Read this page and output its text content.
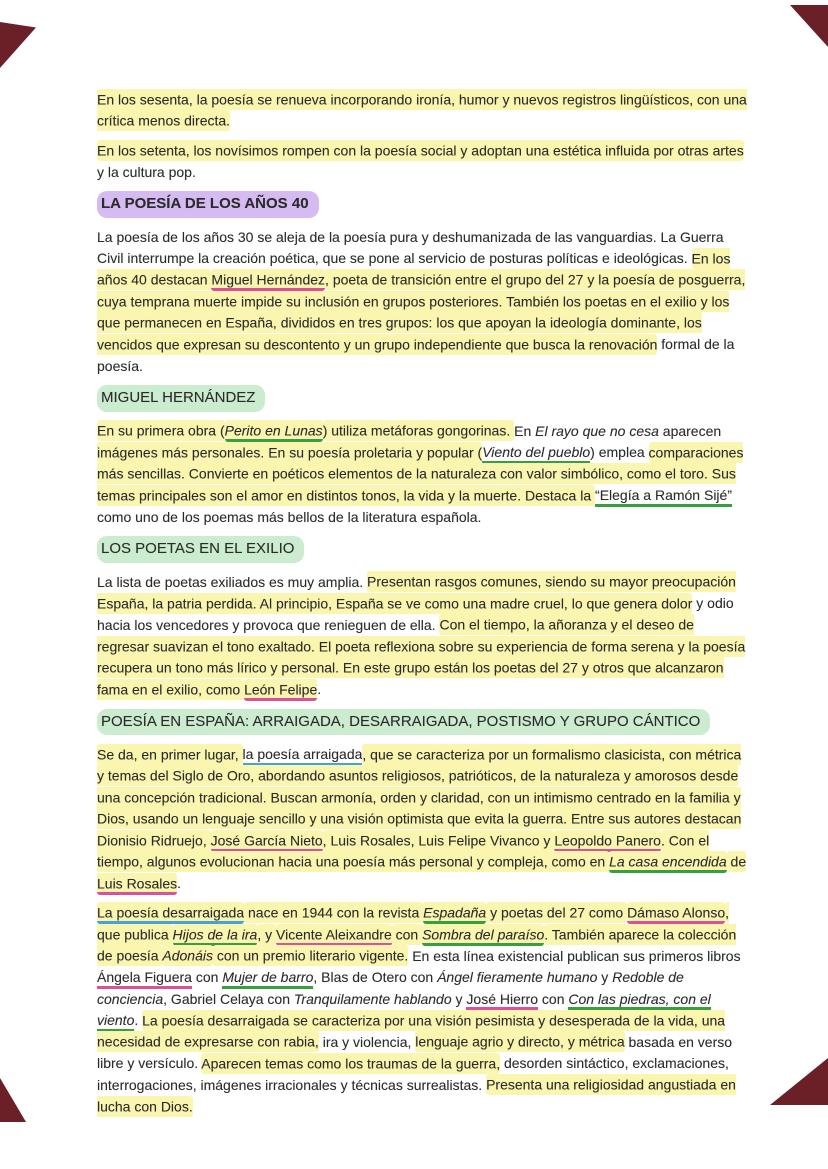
En los sesenta, la poesía se renueva incorporando ironía, humor y nuevos registros lingüísticos, con una crítica menos directa.

En los setenta, los novísimos rompen con la poesía social y adoptan una estética influida por otras artes y la cultura pop.

LA POESÍA DE LOS AÑOS 40

La poesía de los años 30 se aleja de la poesía pura y deshumanizada de las vanguardias. La Guerra Civil interrumpe la creación poética, que se pone al servicio de posturas políticas e ideológicas. En los años 40 destacan Miguel Hernández, poeta de transición entre el grupo del 27 y la poesía de posguerra, cuya temprana muerte impide su inclusión en grupos posteriores. También los poetas en el exilio y los que permanecen en España, divididos en tres grupos: los que apoyan la ideología dominante, los vencidos que expresan su descontento y un grupo independiente que busca la renovación formal de la poesía.

MIGUEL HERNÁNDEZ

En su primera obra (Perito en Lunas) utiliza metáforas gongorinas. En El rayo que no cesa aparecen imágenes más personales. En su poesía proletaria y popular (Viento del pueblo) emplea comparaciones más sencillas. Convierte en poéticos elementos de la naturaleza con valor simbólico, como el toro. Sus temas principales son el amor en distintos tonos, la vida y la muerte. Destaca la “Elegía a Ramón Sijé” como uno de los poemas más bellos de la literatura española.

LOS POETAS EN EL EXILIO

La lista de poetas exiliados es muy amplia. Presentan rasgos comunes, siendo su mayor preocupación España, la patria perdida. Al principio, España se ve como una madre cruel, lo que genera dolor y odio hacia los vencedores y provoca que renieguen de ella. Con el tiempo, la añoranza y el deseo de regresar suavizan el tono exaltado. El poeta reflexiona sobre su experiencia de forma serena y la poesía recupera un tono más lírico y personal. En este grupo están los poetas del 27 y otros que alcanzaron fama en el exilio, como León Felipe.

POESÍA EN ESPAÑA: ARRAIGADA, DESARRAIGADA, POSTISMO Y GRUPO CÁNTICO

Se da, en primer lugar, la poesía arraigada, que se caracteriza por un formalismo clasicista, con métrica y temas del Siglo de Oro, abordando asuntos religiosos, patrióticos, de la naturaleza y amorosos desde una concepción tradicional. Buscan armonía, orden y claridad, con un intimismo centrado en la familia y Dios, usando un lenguaje sencillo y una visión optimista que evita la guerra. Entre sus autores destacan Dionisio Ridruejo, José García Nieto, Luis Rosales, Luis Felipe Vivanco y Leopoldo Panero. Con el tiempo, algunos evolucionan hacia una poesía más personal y compleja, como en La casa encendida de Luis Rosales.

La poesía desarraigada nace en 1944 con la revista Espadaña y poetas del 27 como Dámaso Alonso, que publica Hijos de la ira, y Vicente Aleixandre con Sombra del paraíso. También aparece la colección de poesía Adonáis con un premio literario vigente. En esta línea existencial publican sus primeros libros Ángela Figuera con Mujer de barro, Blas de Otero con Ángel fieramente humano y Redoble de conciencia, Gabriel Celaya con Tranquilamente hablando y José Hierro con Con las piedras, con el viento. La poesía desarraigada se caracteriza por una visión pesimista y desesperada de la vida, una necesidad de expresarse con rabia, ira y violencia, lenguaje agrio y directo, y métrica basada en verso libre y versículo. Aparecen temas como los traumas de la guerra, desorden sintáctico, exclamaciones, interrogaciones, imágenes irracionales y técnicas surrealistas. Presenta una religiosidad angustiada en lucha con Dios.
